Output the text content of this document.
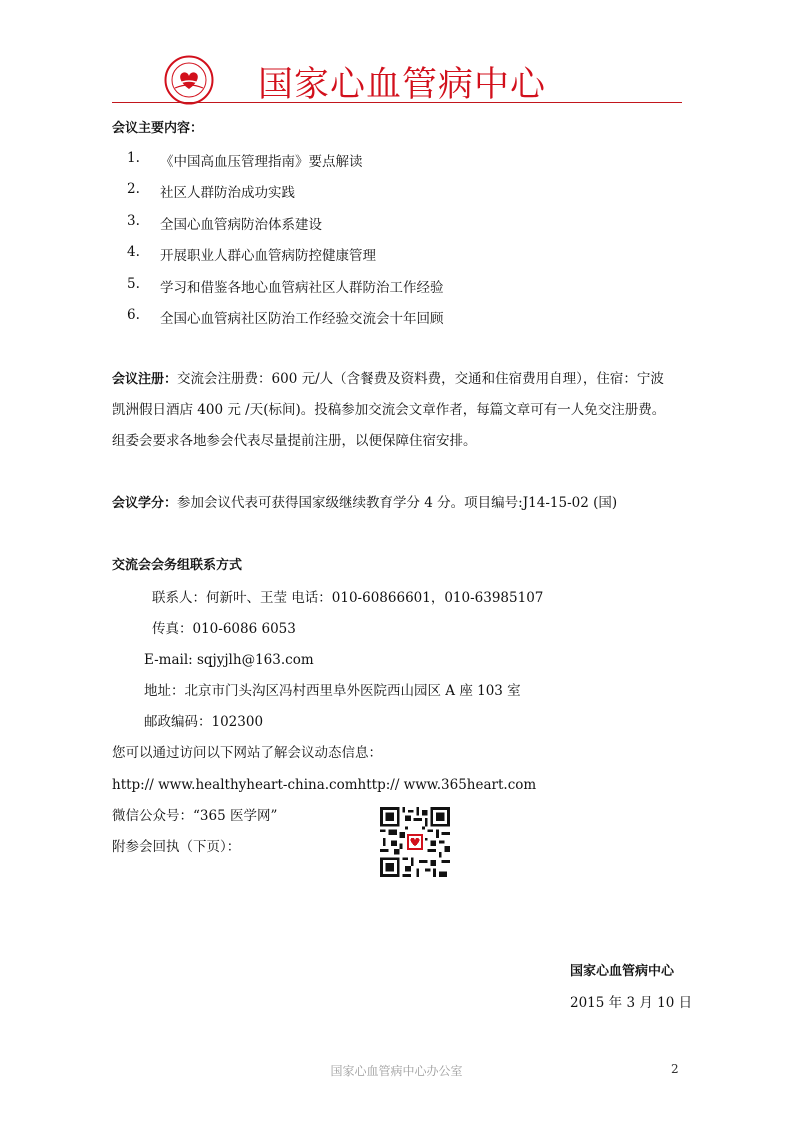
国家心血管病中心
会议主要内容：
1.	《中国高血压管理指南》要点解读
2.	社区人群防治成功实践
3.	全国心血管病防治体系建设
4.	开展职业人群心血管病防控健康管理
5.	学习和借鉴各地心血管病社区人群防治工作经验
6.	全国心血管病社区防治工作经验交流会十年回顾
会议注册：交流会注册费：600 元/人（含餐费及资料费，交通和住宿费用自理），住宿：宁波
凯洲假日酒店 400 元 /天(标间)。投稿参加交流会文章作者，每篇文章可有一人免交注册费。
组委会要求各地参会代表尽量提前注册，以便保障住宿安排。
会议学分：参加会议代表可获得国家级继续教育学分 4 分。项目编号:J14-15-02 (国)
交流会会务组联系方式
联系人：何新叶、王莹 电话：010-60866601，010-63985107
传真：010-6086 6053
E-mail: sqjyjlh@163.com
地址：北京市门头沟区冯村西里阜外医院西山园区 A 座 103 室
邮政编码：102300
您可以通过访问以下网站了解会议动态信息：
http:// www.healthyheart-china.comhttp:// www.365heart.com
微信公众号：“365 医学网”
附参会回执（下页）：
国家心血管病中心
2015 年 3 月 10 日
国家心血管病中心办公室	2
